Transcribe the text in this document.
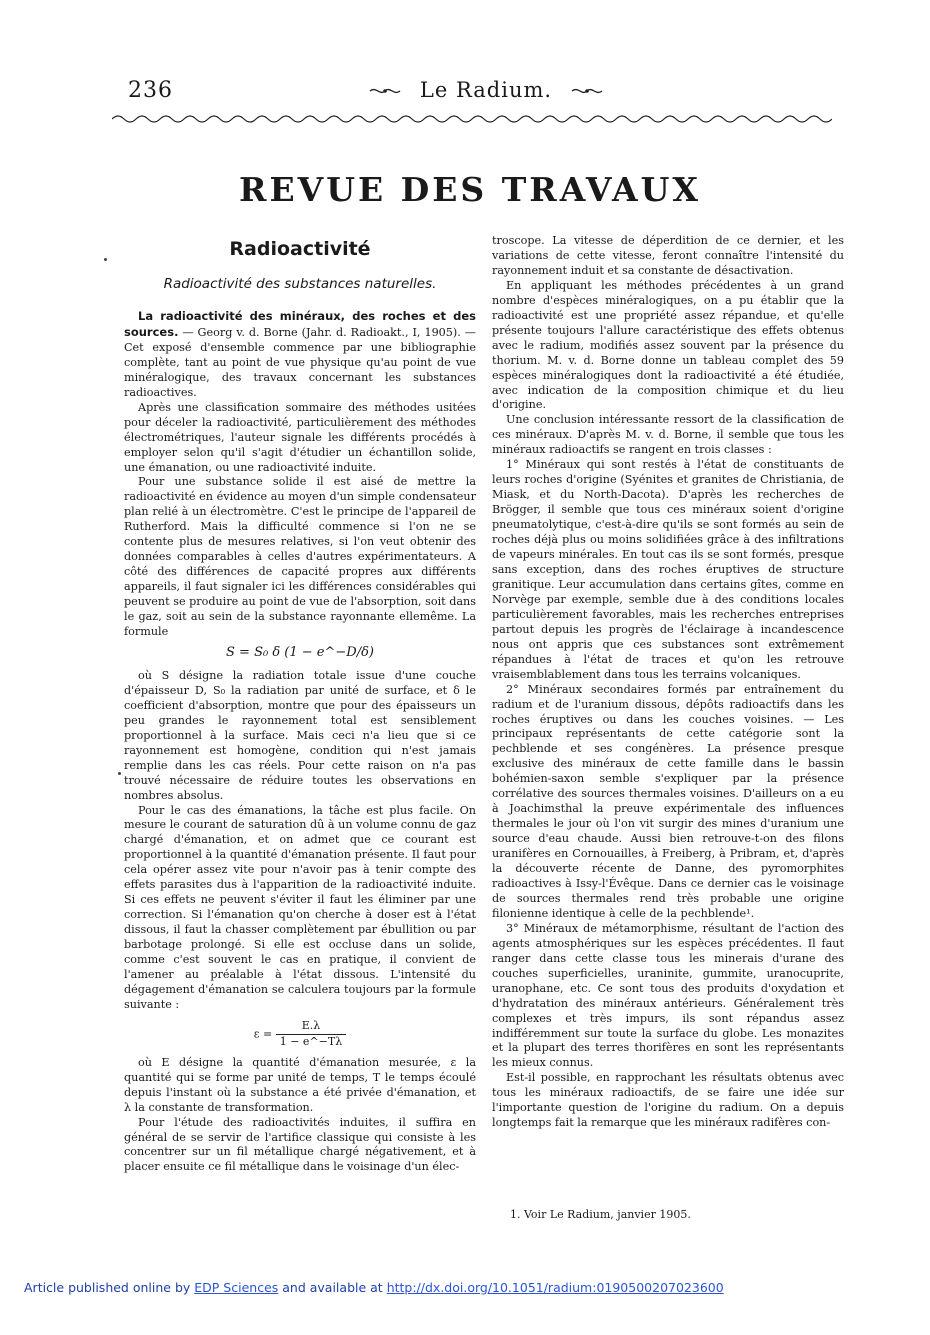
236	Le Radium.
REVUE DES TRAVAUX
Radioactivité
Radioactivité des substances naturelles.

La radioactivité des minéraux, des roches et des sources. — Georg v. d. Borne (Jahr. d. Radioakt., I, 1905). — Cet exposé d'ensemble commence par une bibliographie complète, tant au point de vue physique qu'au point de vue minéralogique, des travaux concernant les substances radioactives.

Après une classification sommaire des méthodes usitées pour déceler la radioactivité, particulièrement des méthodes électrométriques, l'auteur signale les différents procédés à employer selon qu'il s'agit d'étudier un échantillon solide, une émanation, ou une radioactivité induite.

Pour une substance solide il est aisé de mettre la radioactivité en évidence au moyen d'un simple condensateur plan relié à un électromètre. C'est le principe de l'appareil de Rutherford. Mais la difficulté commence si l'on ne se contente plus de mesures relatives, si l'on veut obtenir des données comparables à celles d'autres expérimentateurs. A côté des différences de capacité propres aux différents appareils, il faut signaler ici les différences considérables qui peuvent se produire au point de vue de l'absorption, soit dans le gaz, soit au sein de la substance rayonnante ellemême. La formule

S = S₀ δ (1 − e^−D/δ)

où S désigne la radiation totale issue d'une couche d'épaisseur D, S₀ la radiation par unité de surface, et δ le coefficient d'absorption, montre que pour des épaisseurs un peu grandes le rayonnement total est sensiblement proportionnel à la surface. Mais ceci n'a lieu que si ce rayonnement est homogène, condition qui n'est jamais remplie dans les cas réels. Pour cette raison on n'a pas trouvé nécessaire de réduire toutes les observations en nombres absolus.

Pour le cas des émanations, la tâche est plus facile. On mesure le courant de saturation dû à un volume connu de gaz chargé d'émanation, et on admet que ce courant est proportionnel à la quantité d'émanation présente. Il faut pour cela opérer assez vite pour n'avoir pas à tenir compte des effets parasites dus à l'apparition de la radioactivité induite. Si ces effets ne peuvent s'éviter il faut les éliminer par une correction. Si l'émanation qu'on cherche à doser est à l'état dissous, il faut la chasser complètement par ébullition ou par barbotage prolongé. Si elle est occluse dans un solide, comme c'est souvent le cas en pratique, il convient de l'amener au préalable à l'état dissous. L'intensité du dégagement d'émanation se calculera toujours par la formule suivante :

$\varepsilon = \frac{E.\lambda}{1 - e\^{}-T\lambda}$

où E désigne la quantité d'émanation mesurée, ε la quantité qui se forme par unité de temps, T le temps écoulé depuis l'instant où la substance a été privée d'émanation, et λ la constante de transformation.

Pour l'étude des radioactivités induites, il suffira en général de se servir de l'artifice classique qui consiste à les concentrer sur un fil métallique chargé négativement, et à placer ensuite ce fil métallique dans le voisinage d'un élec-

troscope. La vitesse de déperdition de ce dernier, et les variations de cette vitesse, feront connaître l'intensité du rayonnement induit et sa constante de désactivation.

En appliquant les méthodes précédentes à un grand nombre d'espèces minéralogiques, on a pu établir que la radioactivité est une propriété assez répandue, et qu'elle présente toujours l'allure caractéristique des effets obtenus avec le radium, modifiés assez souvent par la présence du thorium. M. v. d. Borne donne un tableau complet des 59 espèces minéralogiques dont la radioactivité a été étudiée, avec indication de la composition chimique et du lieu d'origine.

Une conclusion intéressante ressort de la classification de ces minéraux. D'après M. v. d. Borne, il semble que tous les minéraux radioactifs se rangent en trois classes :

1° Minéraux qui sont restés à l'état de constituants de leurs roches d'origine (Syénites et granites de Christiania, de Miask, et du North-Dacota). D'après les recherches de Brögger, il semble que tous ces minéraux soient d'origine pneumatolytique, c'est-à-dire qu'ils se sont formés au sein de roches déjà plus ou moins solidifiées grâce à des infiltrations de vapeurs minérales. En tout cas ils se sont formés, presque sans exception, dans des roches éruptives de structure granitique. Leur accumulation dans certains gîtes, comme en Norvège par exemple, semble due à des conditions locales particulièrement favorables, mais les recherches entreprises partout depuis les progrès de l'éclairage à incandescence nous ont appris que ces substances sont extrêmement répandues à l'état de traces et qu'on les retrouve vraisemblablement dans tous les terrains volcaniques.

2° Minéraux secondaires formés par entraînement du radium et de l'uranium dissous, dépôts radioactifs dans les roches éruptives ou dans les couches voisines. — Les principaux représentants de cette catégorie sont la pechblende et ses congénères. La présence presque exclusive des minéraux de cette famille dans le bassin bohémien-saxon semble s'expliquer par la présence corrélative des sources thermales voisines. D'ailleurs on a eu à Joachimsthal la preuve expérimentale des influences thermales le jour où l'on vit surgir des mines d'uranium une source d'eau chaude. Aussi bien retrouve-t-on des filons uranifères en Cornouailles, à Freiberg, à Pribram, et, d'après la découverte récente de Danne, des pyromorphites radioactives à Issy-l'Évêque. Dans ce dernier cas le voisinage de sources thermales rend très probable une origine filonienne identique à celle de la pechblende¹.

3° Minéraux de métamorphisme, résultant de l'action des agents atmosphériques sur les espèces précédentes. Il faut ranger dans cette classe tous les minerais d'urane des couches superficielles, uraninite, gummite, uranocuprite, uranophane, etc. Ce sont tous des produits d'oxydation et d'hydratation des minéraux antérieurs. Généralement très complexes et très impurs, ils sont répandus assez indifféremment sur toute la surface du globe. Les monazites et la plupart des terres thorifères en sont les représentants les mieux connus.

Est-il possible, en rapprochant les résultats obtenus avec tous les minéraux radioactifs, de se faire une idée sur l'importante question de l'origine du radium. On a depuis longtemps fait la remarque que les minéraux radifères con-

1. Voir Le Radium, janvier 1905.
Article published online by EDP Sciences and available at http://dx.doi.org/10.1051/radium:0190500207023600
